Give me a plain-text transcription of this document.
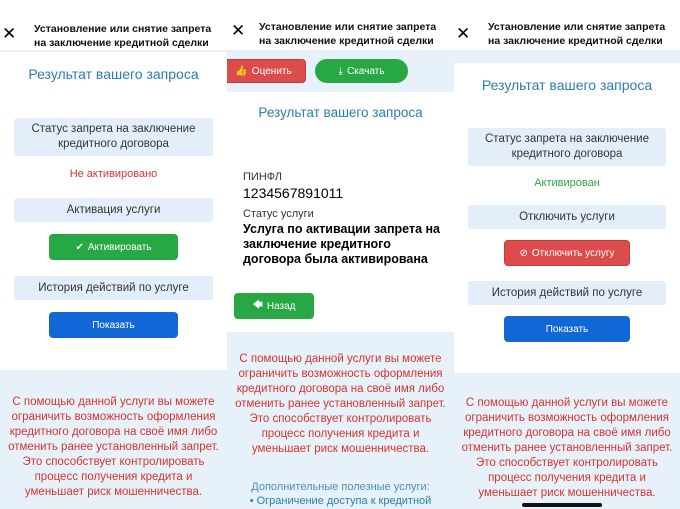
✕ Установление или снятие запрета на заключение кредитной сделки
Результат вашего запроса
Статус запрета на заключение кредитного договора
Не активировано
Активация услуги
✔ Активировать
История действий по услуге
Показать
С помощью данной услуги вы можете ограничить возможность оформления кредитного договора на своё имя либо отменить ранее установленный запрет.
Это способствует контролировать процесс получения кредита и уменьшает риск мошенничества.
✕ Установление или снятие запрета на заключение кредитной сделки
👍 Оценить	⤓ Скачать
Результат вашего запроса
ПИНФЛ
1234567891011
Статус услуги
Услуга по активации запрета на заключение кредитного договора была активирована
🡄 Назад
С помощью данной услуги вы можете ограничить возможность оформления кредитного договора на своё имя либо отменить ранее установленный запрет.
Это способствует контролировать процесс получения кредита и уменьшает риск мошенничества.
Дополнительные полезные услуги:
• Ограничение доступа к кредитной
✕ Установление или снятие запрета на заключение кредитной сделки
Результат вашего запроса
Статус запрета на заключение кредитного договора
Активирован
Отключить услуги
⊘ Отключить услугу
История действий по услуге
Показать
С помощью данной услуги вы можете ограничить возможность оформления кредитного договора на своё имя либо отменить ранее установленный запрет.
Это способствует контролировать процесс получения кредита и уменьшает риск мошенничества.
